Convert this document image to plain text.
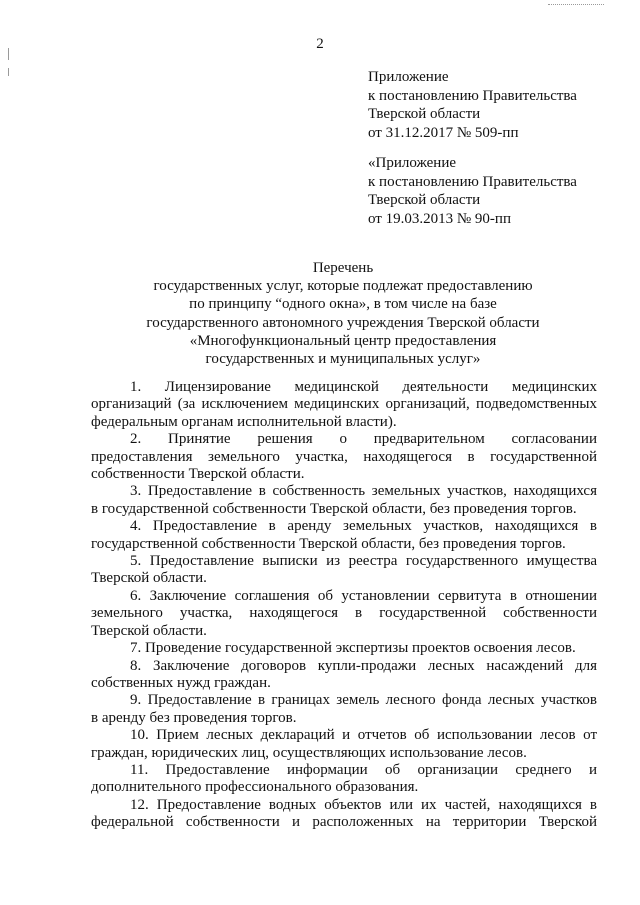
2
Приложение
к постановлению Правительства
Тверской области
от 31.12.2017 № 509-пп
«Приложение
к постановлению Правительства
Тверской области
от 19.03.2013 № 90-пп
Перечень
государственных услуг, которые подлежат предоставлению
по принципу “одного окна», в том числе на базе
государственного автономного учреждения Тверской области
«Многофункциональный центр предоставления
государственных и муниципальных услуг»
1. Лицензирование медицинской деятельности медицинских
организаций (за исключением медицинских организаций, подведомственных
федеральным органам исполнительной власти).
2. Принятие решения о предварительном согласовании
предоставления земельного участка, находящегося в государственной
собственности Тверской области.
3. Предоставление в собственность земельных участков, находящихся
в государственной собственности Тверской области, без проведения торгов.
4. Предоставление в аренду земельных участков, находящихся в
государственной собственности Тверской области, без проведения торгов.
5. Предоставление выписки из реестра государственного имущества
Тверской области.
6. Заключение соглашения об установлении сервитута в отношении
земельного участка, находящегося в государственной собственности
Тверской области.
7. Проведение государственной экспертизы проектов освоения лесов.
8. Заключение договоров купли-продажи лесных насаждений для
собственных нужд граждан.
9. Предоставление в границах земель лесного фонда лесных участков
в аренду без проведения торгов.
10. Прием лесных деклараций и отчетов об использовании лесов от
граждан, юридических лиц, осуществляющих использование лесов.
11. Предоставление информации об организации среднего и
дополнительного профессионального образования.
12. Предоставление водных объектов или их частей, находящихся в
федеральной собственности и расположенных на территории Тверской
